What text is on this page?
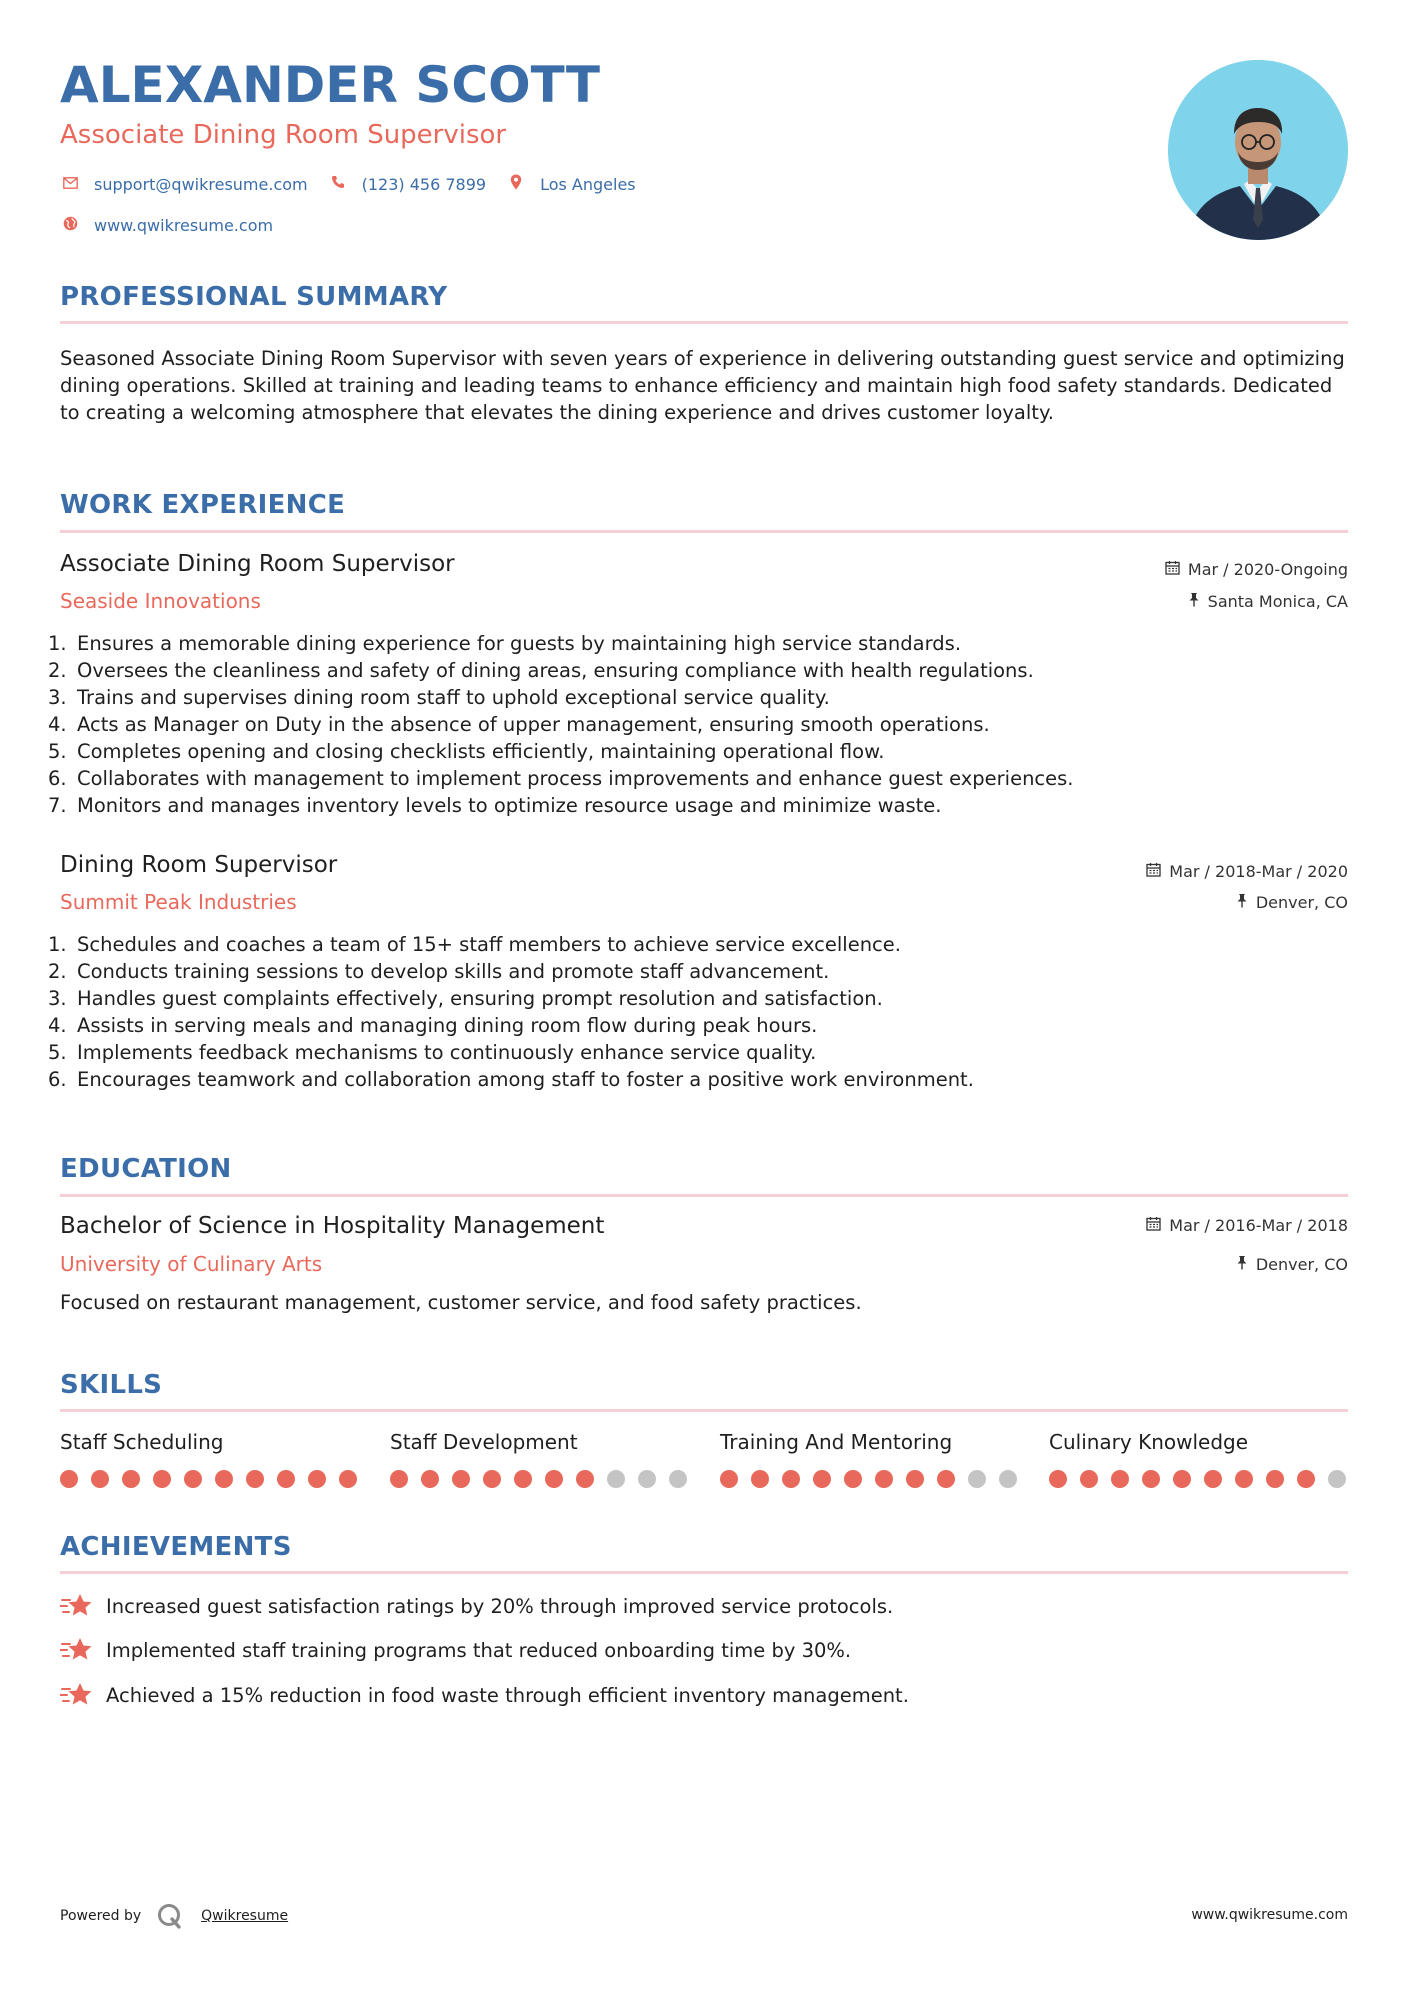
ALEXANDER SCOTT

Associate Dining Room Supervisor

support@qwikresume.com	(123) 456 7899	Los Angeles
www.qwikresume.com
PROFESSIONAL SUMMARY

Seasoned Associate Dining Room Supervisor with seven years of experience in delivering outstanding guest service and optimizing dining operations. Skilled at training and leading teams to enhance efficiency and maintain high food safety standards. Dedicated to creating a welcoming atmosphere that elevates the dining experience and drives customer loyalty.

WORK EXPERIENCE

Associate Dining Room Supervisor

Seaside Innovations

Mar / 2020-Ongoing
Santa Monica, CA
1. Ensures a memorable dining experience for guests by maintaining high service standards.
2. Oversees the cleanliness and safety of dining areas, ensuring compliance with health regulations.
3. Trains and supervises dining room staff to uphold exceptional service quality.
4. Acts as Manager on Duty in the absence of upper management, ensuring smooth operations.
5. Completes opening and closing checklists efficiently, maintaining operational flow.
6. Collaborates with management to implement process improvements and enhance guest experiences.
7. Monitors and manages inventory levels to optimize resource usage and minimize waste.

Dining Room Supervisor

Summit Peak Industries

Mar / 2018-Mar / 2020
Denver, CO
1. Schedules and coaches a team of 15+ staff members to achieve service excellence.
2. Conducts training sessions to develop skills and promote staff advancement.
3. Handles guest complaints effectively, ensuring prompt resolution and satisfaction.
4. Assists in serving meals and managing dining room flow during peak hours.
5. Implements feedback mechanisms to continuously enhance service quality.
6. Encourages teamwork and collaboration among staff to foster a positive work environment.
EDUCATION

Bachelor of Science in Hospitality Management

University of Culinary Arts

Mar / 2016-Mar / 2018
Denver, CO

Focused on restaurant management, customer service, and food safety practices.

SKILLS

Staff Scheduling	Staff Development	Training And Mentoring	Culinary Knowledge

ACHIEVEMENTS
Increased guest satisfaction ratings by 20% through improved service protocols.
Implemented staff training programs that reduced onboarding time by 30%.
Achieved a 15% reduction in food waste through efficient inventory management.
Powered by	Qwikresume	www.qwikresume.com
